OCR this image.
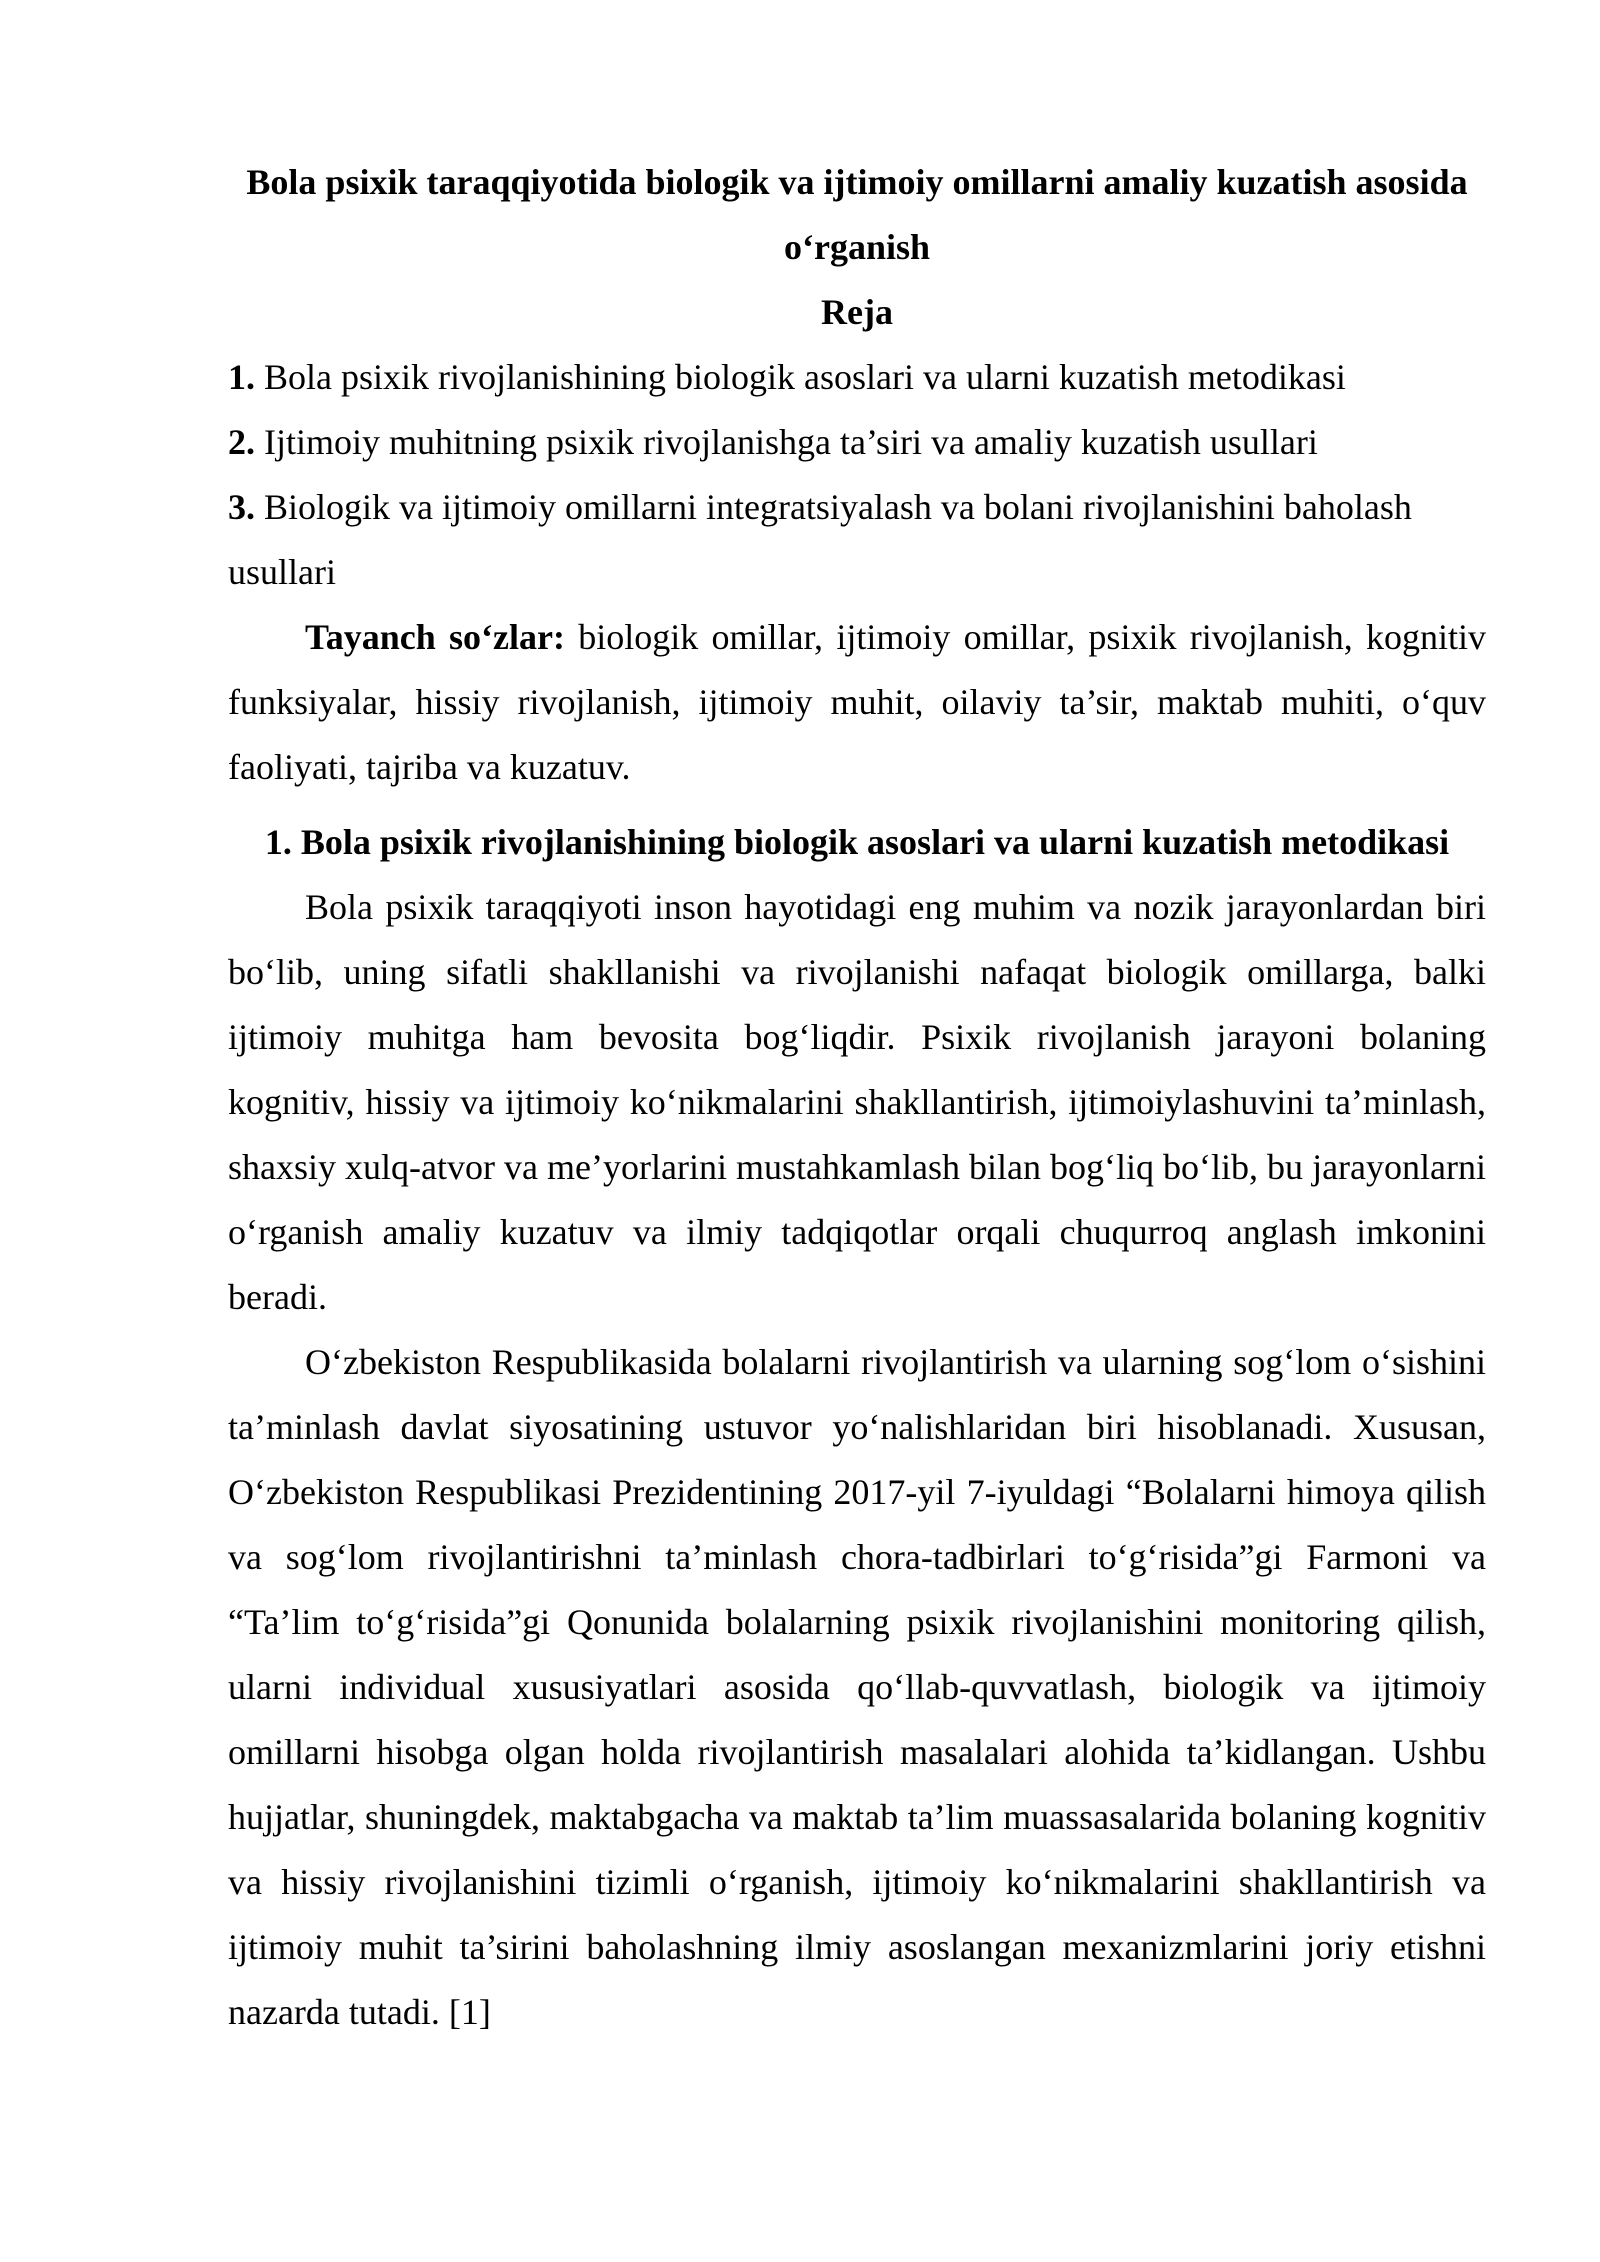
Bola psixik taraqqiyotida biologik va ijtimoiy omillarni amaliy kuzatish asosida o‘rganish

Reja

1. Bola psixik rivojlanishining biologik asoslari va ularni kuzatish metodikasi

2. Ijtimoiy muhitning psixik rivojlanishga ta’siri va amaliy kuzatish usullari

3. Biologik va ijtimoiy omillarni integratsiyalash va bolani rivojlanishini baholash usullari

Tayanch so‘zlar: biologik omillar, ijtimoiy omillar, psixik rivojlanish, kognitiv funksiyalar, hissiy rivojlanish, ijtimoiy muhit, oilaviy ta’sir, maktab muhiti, o‘quv faoliyati, tajriba va kuzatuv.

1. Bola psixik rivojlanishining biologik asoslari va ularni kuzatish metodikasi

Bola psixik taraqqiyoti inson hayotidagi eng muhim va nozik jarayonlardan biri bo‘lib, uning sifatli shakllanishi va rivojlanishi nafaqat biologik omillarga, balki ijtimoiy muhitga ham bevosita bog‘liqdir. Psixik rivojlanish jarayoni bolaning kognitiv, hissiy va ijtimoiy ko‘nikmalarini shakllantirish, ijtimoiylashuvini ta’minlash, shaxsiy xulq-atvor va me’yorlarini mustahkamlash bilan bog‘liq bo‘lib, bu jarayonlarni o‘rganish amaliy kuzatuv va ilmiy tadqiqotlar orqali chuqurroq anglash imkonini beradi.

O‘zbekiston Respublikasida bolalarni rivojlantirish va ularning sog‘lom o‘sishini ta’minlash davlat siyosatining ustuvor yo‘nalishlaridan biri hisoblanadi. Xususan, O‘zbekiston Respublikasi Prezidentining 2017-yil 7-iyuldagi “Bolalarni himoya qilish va sog‘lom rivojlantirishni ta’minlash chora-tadbirlari to‘g‘risida”gi Farmoni va “Ta’lim to‘g‘risida”gi Qonunida bolalarning psixik rivojlanishini monitoring qilish, ularni individual xususiyatlari asosida qo‘llab-quvvatlash, biologik va ijtimoiy omillarni hisobga olgan holda rivojlantirish masalalari alohida ta’kidlangan. Ushbu hujjatlar, shuningdek, maktabgacha va maktab ta’lim muassasalarida bolaning kognitiv va hissiy rivojlanishini tizimli o‘rganish, ijtimoiy ko‘nikmalarini shakllantirish va ijtimoiy muhit ta’sirini baholashning ilmiy asoslangan mexanizmlarini joriy etishni nazarda tutadi. [1]
